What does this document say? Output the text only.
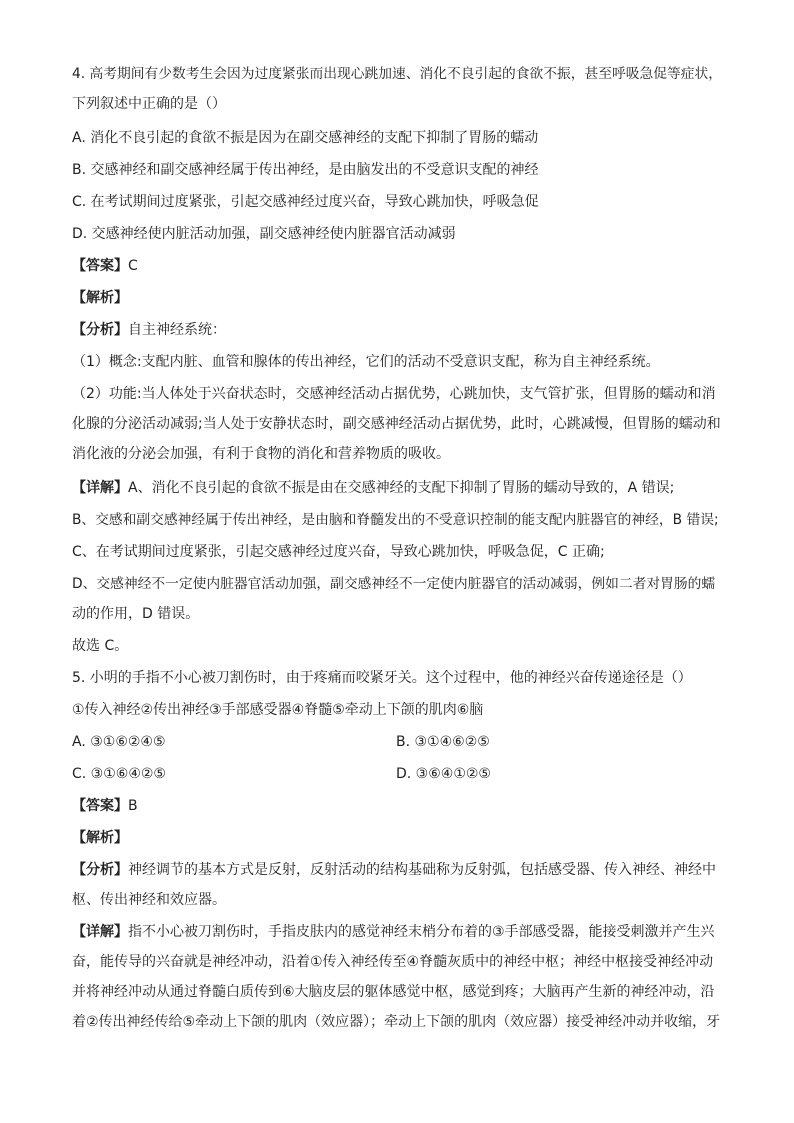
4. 高考期间有少数考生会因为过度紧张而出现心跳加速、消化不良引起的食欲不振，甚至呼吸急促等症状，
下列叙述中正确的是（）
A. 消化不良引起的食欲不振是因为在副交感神经的支配下抑制了胃肠的蠕动
B. 交感神经和副交感神经属于传出神经，是由脑发出的不受意识支配的神经
C. 在考试期间过度紧张，引起交感神经过度兴奋，导致心跳加快，呼吸急促
D. 交感神经使内脏活动加强，副交感神经使内脏器官活动减弱
【答案】C
【解析】
【分析】自主神经系统：
（1）概念:支配内脏、血管和腺体的传出神经，它们的活动不受意识支配，称为自主神经系统。
（2）功能:当人体处于兴奋状态时，交感神经活动占据优势，心跳加快，支气管扩张，但胃肠的蠕动和消
化腺的分泌活动减弱;当人处于安静状态时，副交感神经活动占据优势，此时，心跳减慢，但胃肠的蠕动和
消化液的分泌会加强，有利于食物的消化和营养物质的吸收。
【详解】A、消化不良引起的食欲不振是由在交感神经的支配下抑制了胃肠的蠕动导致的，A 错误;
B、交感和副交感神经属于传出神经，是由脑和脊髓发出的不受意识控制的能支配内脏器官的神经，B 错误;
C、在考试期间过度紧张，引起交感神经过度兴奋，导致心跳加快，呼吸急促，C 正确;
D、交感神经不一定使内脏器官活动加强，副交感神经不一定使内脏器官的活动减弱，例如二者对胃肠的蠕
动的作用，D 错误。
故选 C。
5. 小明的手指不小心被刀割伤时，由于疼痛而咬紧牙关。这个过程中，他的神经兴奋传递途径是（）
①传入神经②传出神经③手部感受器④脊髓⑤牵动上下颌的肌肉⑥脑
A. ③①⑥②④⑤	B. ③①④⑥②⑤
C. ③①⑥④②⑤	D. ③⑥④①②⑤
【答案】B
【解析】
【分析】神经调节的基本方式是反射，反射活动的结构基础称为反射弧，包括感受器、传入神经、神经中
枢、传出神经和效应器。
【详解】指不小心被刀割伤时，手指皮肤内的感觉神经末梢分布着的③手部感受器，能接受刺激并产生兴
奋，能传导的兴奋就是神经冲动，沿着①传入神经传至④脊髓灰质中的神经中枢；神经中枢接受神经冲动
并将神经冲动从通过脊髓白质传到⑥大脑皮层的躯体感觉中枢，感觉到疼；大脑再产生新的神经冲动，沿
着②传出神经传给⑤牵动上下颌的肌肉（效应器）；牵动上下颌的肌肉（效应器）接受神经冲动并收缩，牙
